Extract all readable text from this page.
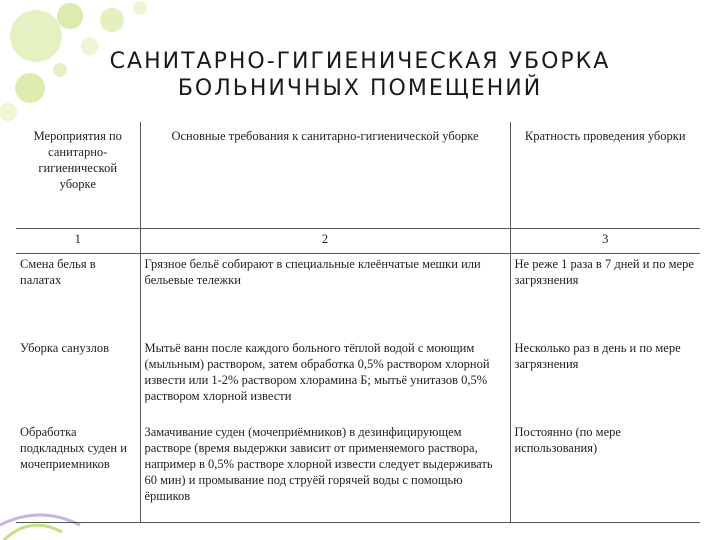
САНИТАРНО-ГИГИЕНИЧЕСКАЯ УБОРКА
БОЛЬНИЧНЫХ ПОМЕЩЕНИЙ
Мероприятия по санитарно-гигиенической уборке	Основные требования к санитарно-гигиенической уборке	Кратность проведения уборки
1	2	3
Смена белья в палатах	Грязное бельё собирают в специальные клеёнчатые мешки или бельевые тележки	Не реже 1 раза в 7 дней и по мере загрязнения
Уборка санузлов	Мытьё ванн после каждого больного тёплой водой с моющим (мыльным) раствором, затем обработка 0,5% раствором хлорной извести или 1-2% раствором хлорамина Б; мытьё унитазов 0,5% раствором хлорной извести	Несколько раз в день и по мере загрязнения
Обработка подкладных суден и мочеприемников	Замачивание суден (мочеприёмников) в дезинфицирующем растворе (время выдержки зависит от применяемого раствора, например в 0,5% растворе хлорной извести следует выдерживать 60 мин) и промывание под струёй горячей воды с помощью ёршиков	Постоянно (по мере использования)
